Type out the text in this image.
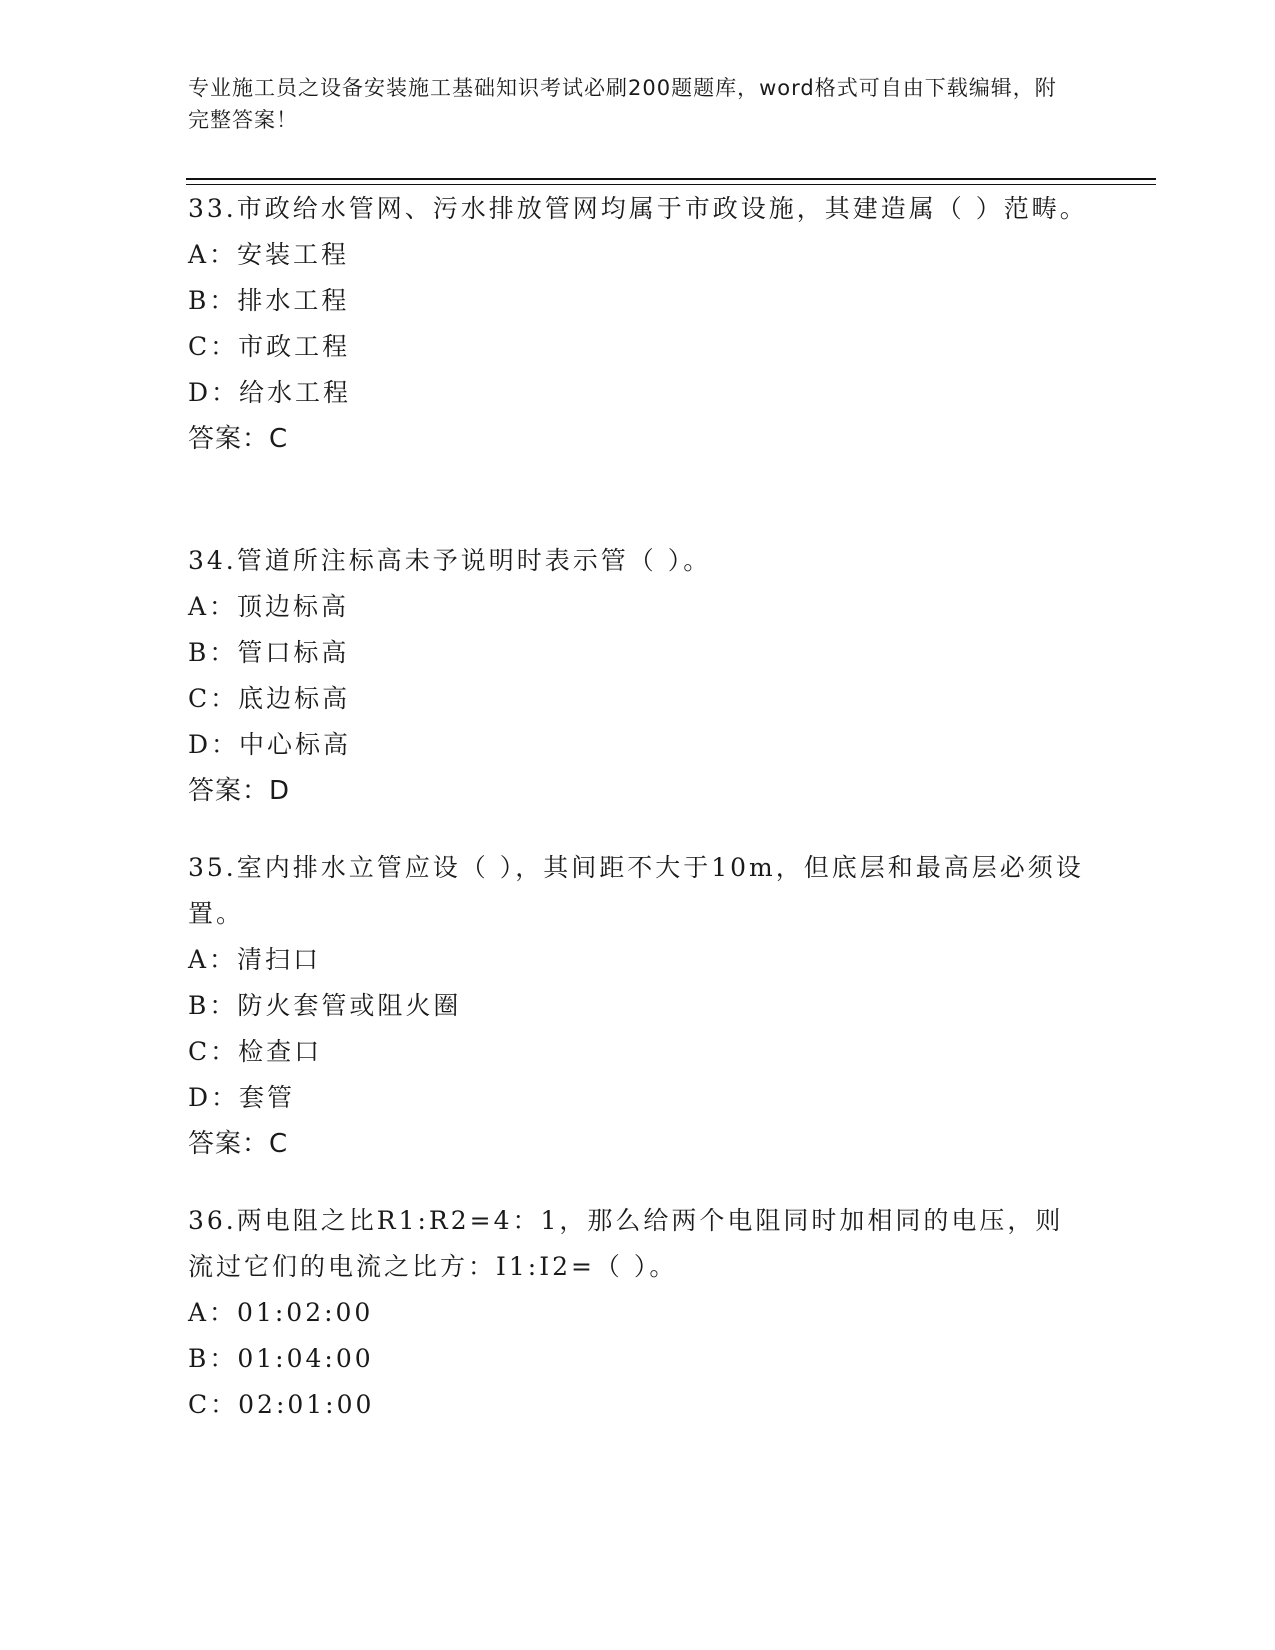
专业施工员之设备安装施工基础知识考试必刷200题题库，word格式可自由下载编辑，附完整答案！
33.市政给水管网、污水排放管网均属于市政设施，其建造属（ ）范畴。
A：安装工程
B：排水工程
C：市政工程
D：给水工程
答案：C
34.管道所注标高未予说明时表示管（ ）。
A：顶边标高
B：管口标高
C：底边标高
D：中心标高
答案：D
35.室内排水立管应设（ ），其间距不大于10m，但底层和最高层必须设置。
A：清扫口
B：防火套管或阻火圈
C：检查口
D：套管
答案：C
36.两电阻之比R1:R2=4：1，那么给两个电阻同时加相同的电压，则流过它们的电流之比方：I1:I2=（ ）。
A：01:02:00
B：01:04:00
C：02:01:00
